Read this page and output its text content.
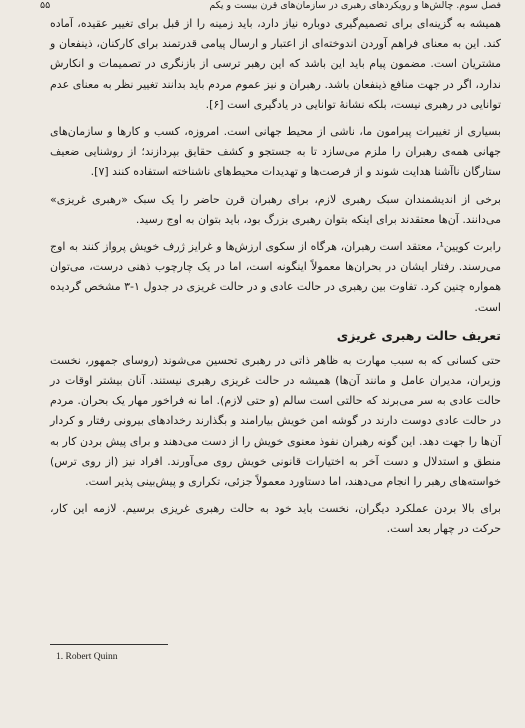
فصل سوم. چالش‌ها و رویکردهای رهبری در سازمان‌های قرن بیست و یکم
۵۵

همیشه به گزینه‌ای برای تصمیم‌گیری دوباره نیاز دارد، باید زمینه را از قبل برای تغییر عقیده، آماده کند. این به معنای فراهم آوردن اندوخته‌ای از اعتبار و ارسال پیامی قدرتمند برای کارکنان، ذینفعان و مشتریان است. مضمون پیام باید این باشد که این رهبر ترسی از بازنگری در تصمیمات و انکارش ندارد، اگر در جهت منافع ذینفعان باشد. رهبران و نیز عموم مردم باید بدانند تغییر نظر به معنای عدم توانایی در رهبری نیست، بلکه نشانهٔ توانایی در یادگیری است [۶].

بسیاری از تغییرات پیرامون ما، ناشی از محیط جهانی است. امروزه، کسب و کارها و سازمان‌های جهانی همه‌ی رهبران را ملزم می‌سازد تا به جستجو و کشف حقایق بپردازند؛ از روشنایی ضعیف ستارگان ناآشنا هدایت شوند و از فرصت‌ها و تهدیدات محیط‌های ناشناخته استفاده کنند [۷].

برخی از اندیشمندان سبک رهبری لازم، برای رهبران قرن حاضر را یک سبک «رهبری غریزی» می‌دانند. آن‌ها معتقدند برای اینکه بتوان رهبری بزرگ بود، باید بتوان به اوج رسید.

رابرت کویین¹، معتقد است رهبران، هرگاه از سکوی ارزش‌ها و غرایز ژرف خویش پرواز کنند به اوج می‌رسند. رفتار ایشان در بحران‌ها معمولاً اینگونه است، اما در یک چارچوب ذهنی درست، می‌توان همواره چنین کرد. تفاوت بین رهبری در حالت عادی و در حالت غریزی در جدول ۱-۳ مشخص گردیده است.

تعریف حالت رهبری غریزی

حتی کسانی که به سبب مهارت به ظاهر ذاتی در رهبری تحسین می‌شوند (روسای جمهور، نخست وزیران، مدیران عامل و مانند آن‌ها) همیشه در حالت غریزی رهبری نیستند. آنان بیشتر اوقات در حالت عادی به سر می‌برند که حالتی است سالم (و حتی لازم). اما نه فراخور مهار یک بحران. مردم در حالت عادی دوست دارند در گوشه امن خویش بیارامند و بگذارند رخدادهای بیرونی رفتار و کردار آن‌ها را جهت دهد. این گونه رهبران نفوذ معنوی خویش را از دست می‌دهند و برای پیش بردن کار به منطق و استدلال و دست آخر به اختیارات قانونی خویش روی می‌آورند. افراد نیز (از روی ترس) خواسته‌های رهبر را انجام می‌دهند، اما دستاورد معمولاً جزئی، تکراری و پیش‌بینی پذیر است.

برای بالا بردن عملکرد دیگران، نخست باید خود به حالت رهبری غریزی برسیم. لازمه این کار، حرکت در چهار بعد است.

1. Robert Quinn
